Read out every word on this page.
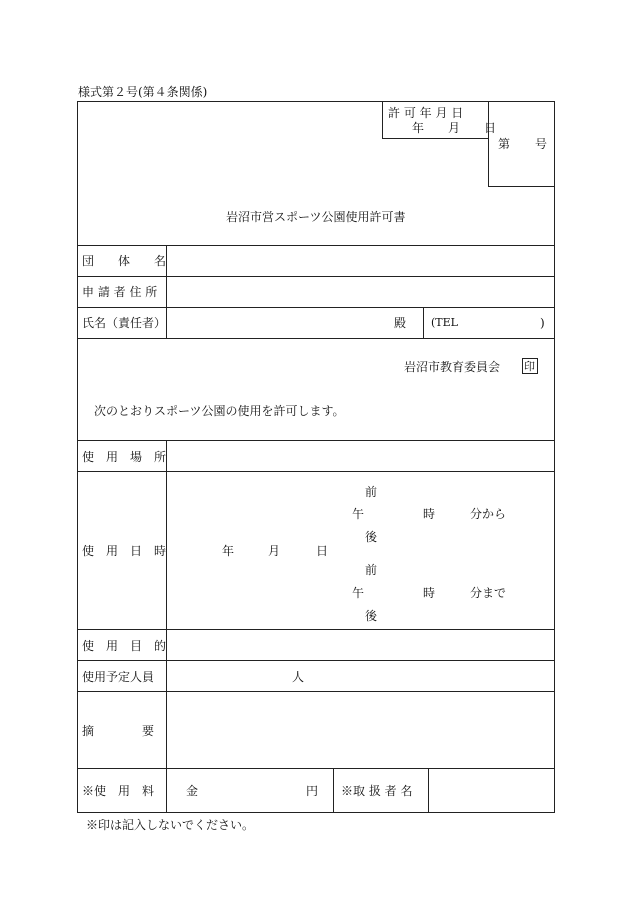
様式第２号(第４条関係)
許 可 年 月 日
年　　月　　日
第 号
岩沼市営スポーツ公園使用許可書
団　　体　　名
申 請 者 住 所
氏名（責任者）	殿 (TEL	)
岩沼市教育委員会 印
次のとおりスポーツ公園の使用を許可します。
使　用　場　所
使　用　日　時	年	月	日
前
午
後
時	分から
前
午
後
時	分まで
使　用　目　的
使用予定人員	人
摘　　　　要
※使　用　料	金	円 ※取 扱 者 名
※印は記入しないでください。
